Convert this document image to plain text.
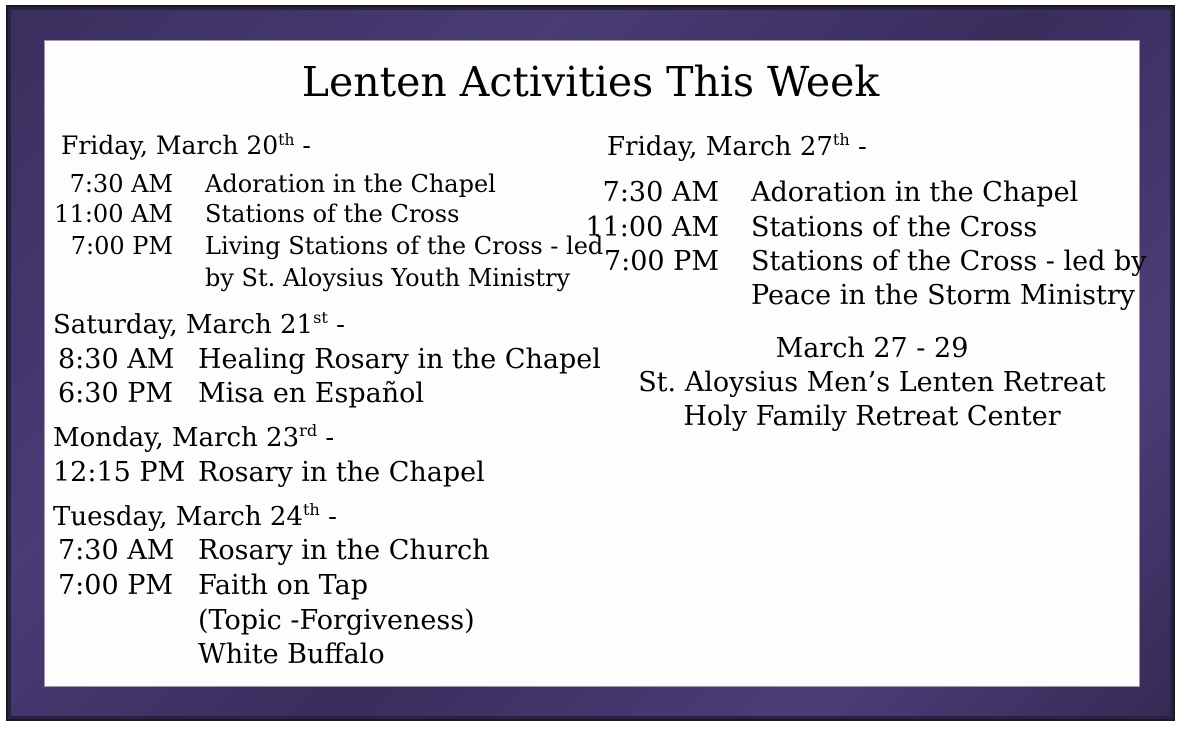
Lenten Activities This Week
Friday, March 20th -
7:30 AM Adoration in the Chapel
11:00 AM Stations of the Cross
7:00 PM Living Stations of the Cross - led
by St. Aloysius Youth Ministry
Saturday, March 21st -
8:30 AM Healing Rosary in the Chapel
6:30 PM Misa en Español
Monday, March 23rd -
12:15 PM Rosary in the Chapel
Tuesday, March 24th -
7:30 AM Rosary in the Church
7:00 PM Faith on Tap
(Topic -Forgiveness)
White Buffalo
Friday, March 27th -
7:30 AM Adoration in the Chapel
11:00 AM Stations of the Cross
7:00 PM Stations of the Cross - led by
Peace in the Storm Ministry
March 27 - 29
St. Aloysius Men’s Lenten Retreat
Holy Family Retreat Center
